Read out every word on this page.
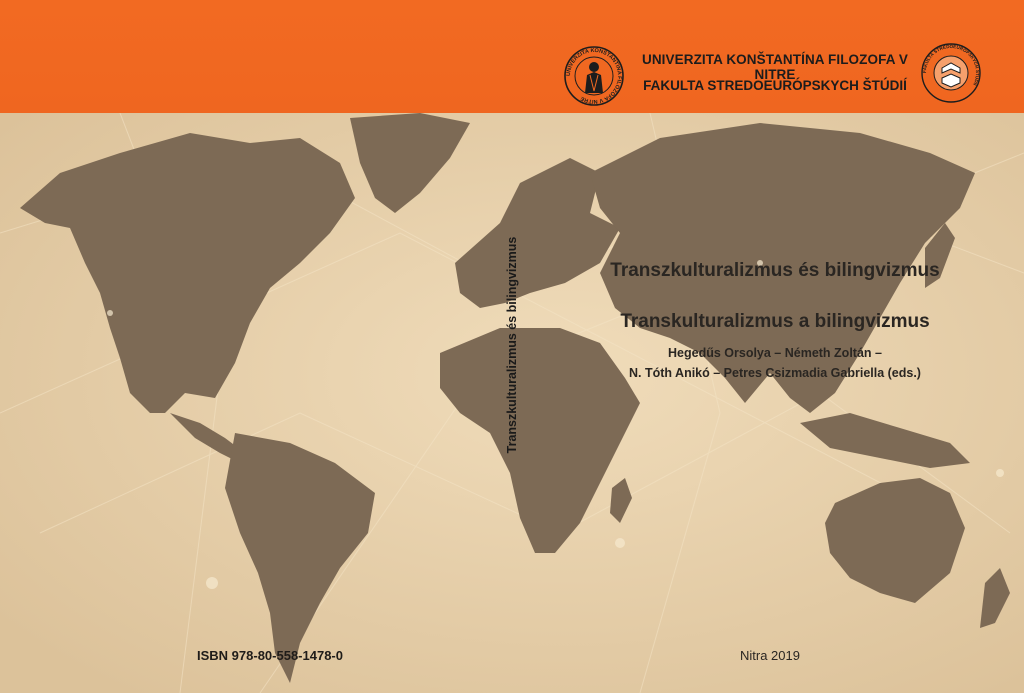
UNIVERZITA KONŠTANTÍNA FILOZOFA V NITRE
UNIVERZITA KONŠTANTÍNA FILOZOFA V NITRE
FAKULTA STREDOEURÓPSKYCH ŠTÚDIÍ
FAKULTA STREDOEURÓPSKYCH ŠTÚDIÍ
Transzkulturalizmus és bilingvizmus	Transzkulturalizmus és bilingvizmus
Transkulturalizmus a bilingvizmus
Hegedűs Orsolya – Németh Zoltán –
N. Tóth Anikó – Petres Csizmadia Gabriella (eds.)
ISBN 978-80-558-1478-0	Nitra 2019
